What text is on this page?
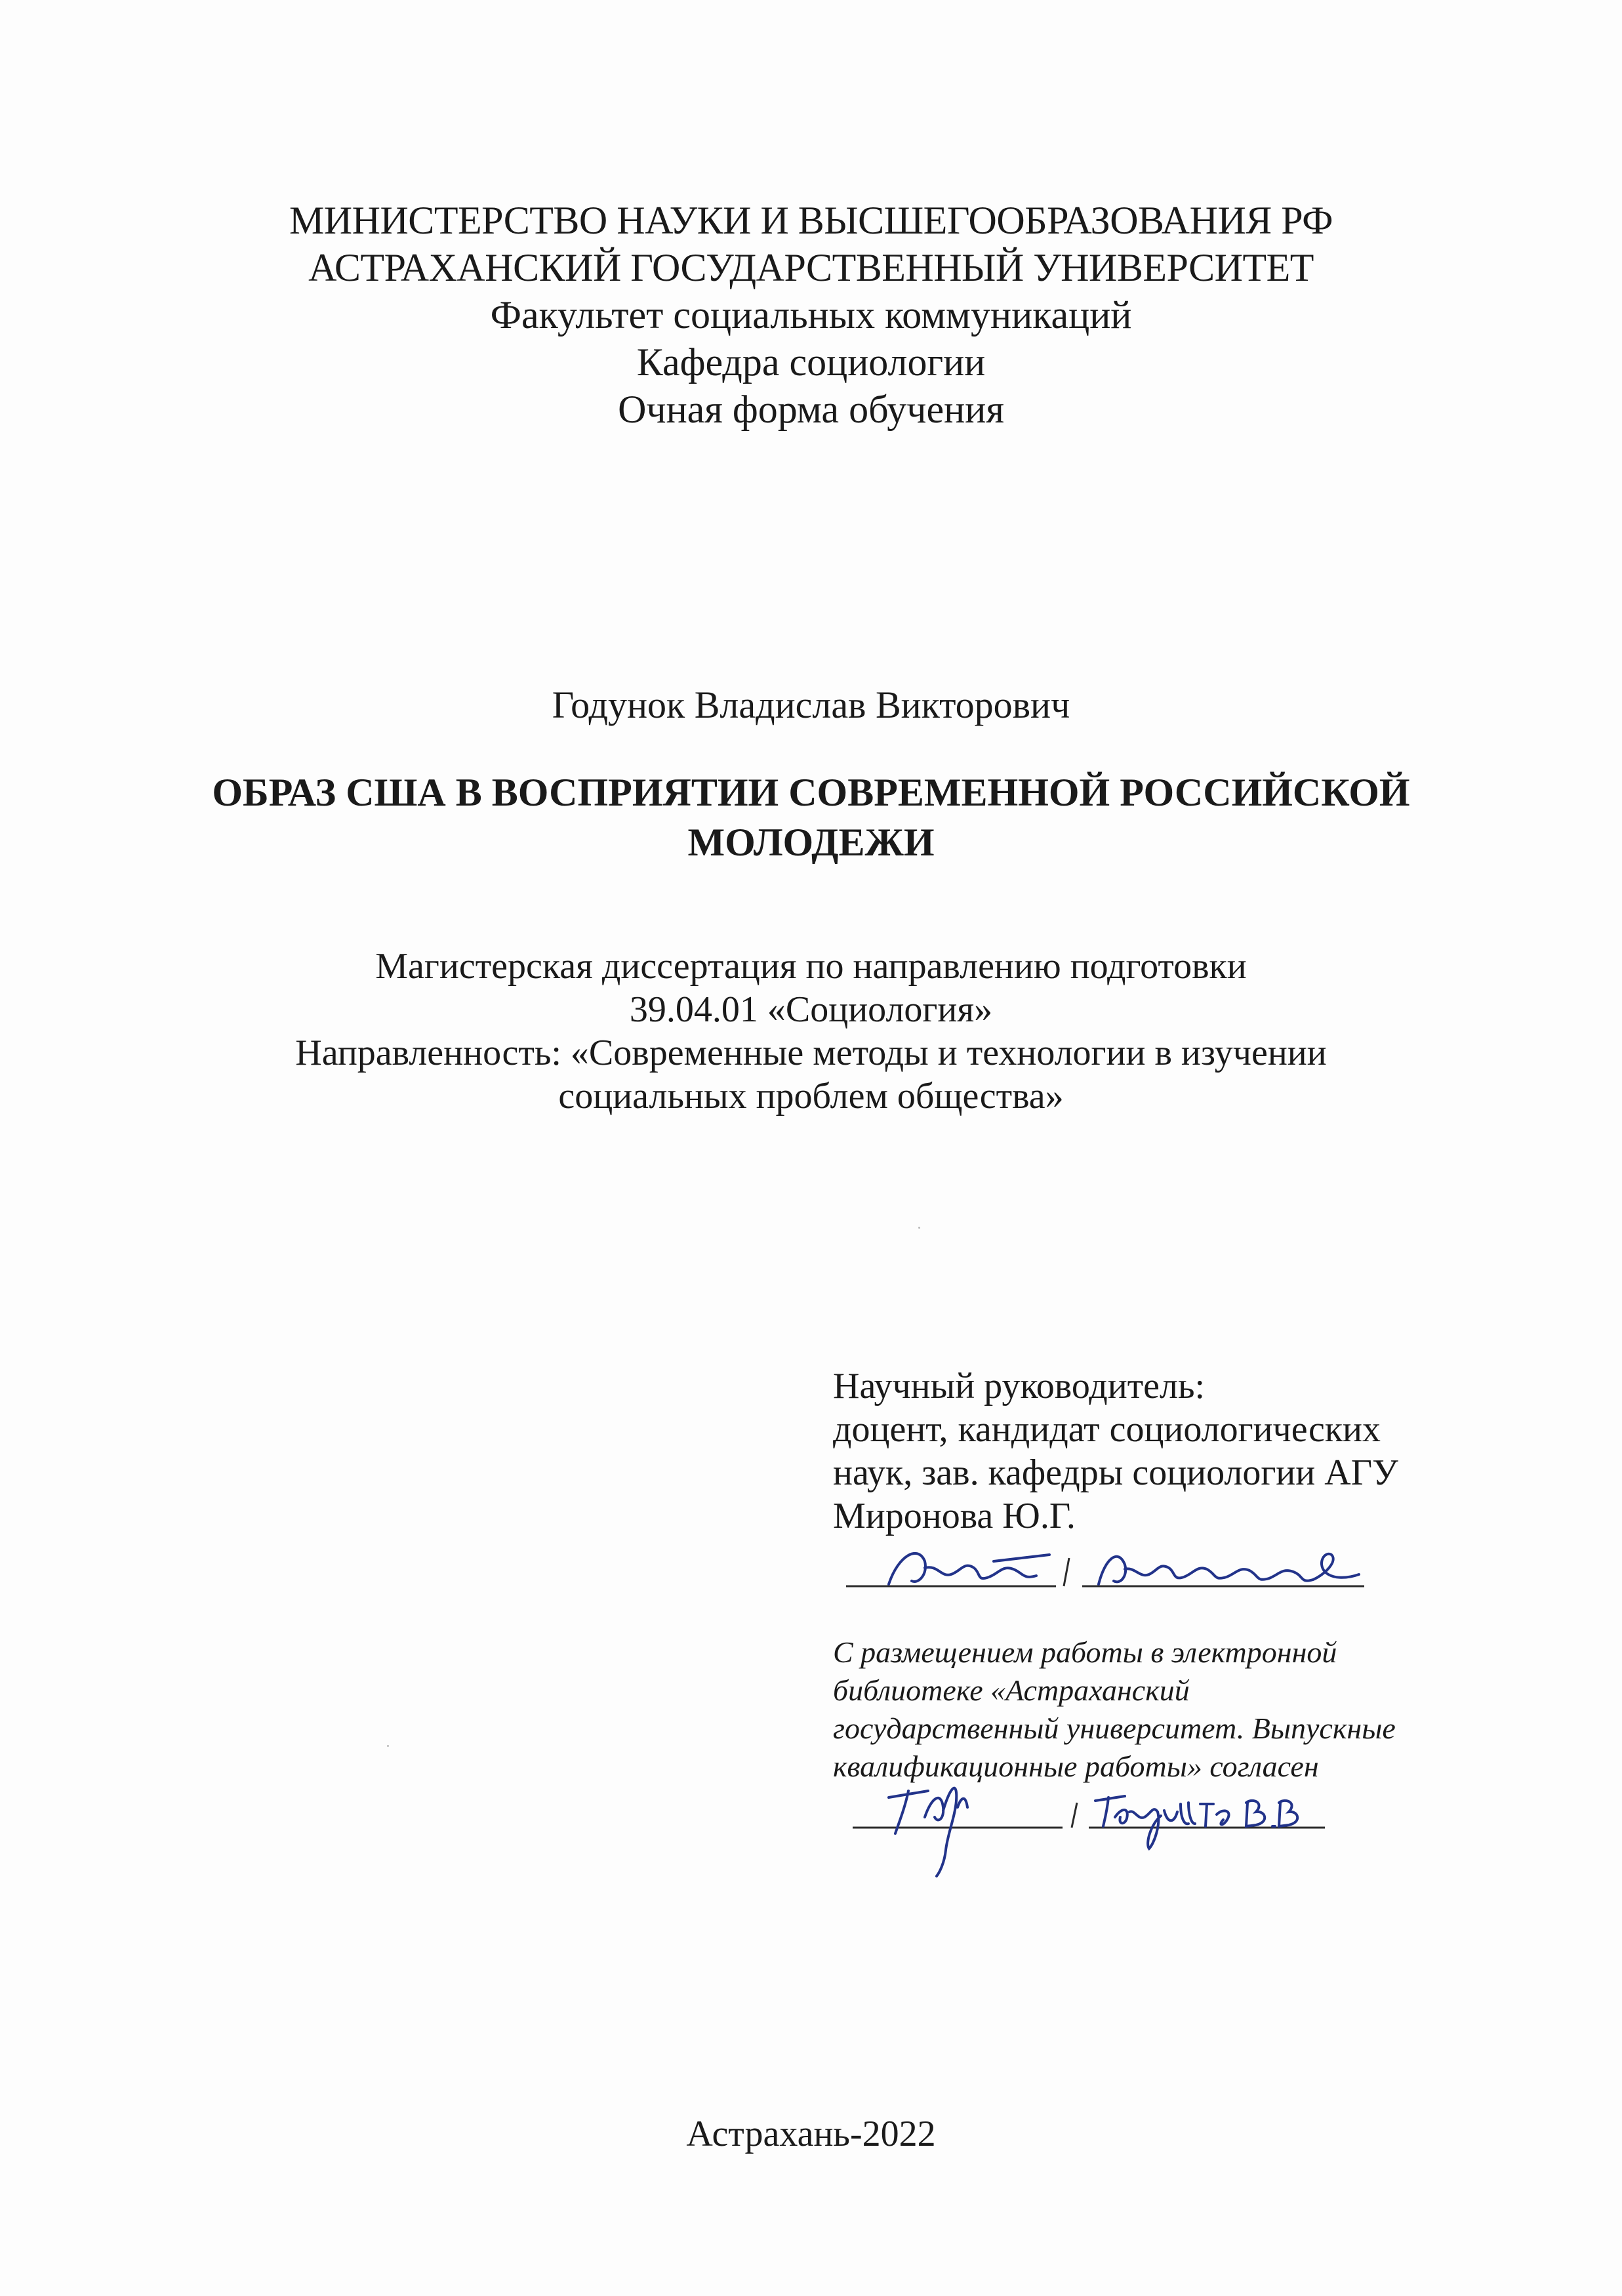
МИНИСТЕРСТВО НАУКИ И ВЫСШЕГООБРАЗОВАНИЯ РФ
АСТРАХАНСКИЙ ГОСУДАРСТВЕННЫЙ УНИВЕРСИТЕТ
Факультет социальных коммуникаций
Кафедра социологии
Очная форма обучения
Годунок Владислав Викторович
ОБРАЗ США В ВОСПРИЯТИИ СОВРЕМЕННОЙ РОССИЙСКОЙ
МОЛОДЕЖИ
Магистерская диссертация по направлению подготовки
39.04.01 «Социология»
Направленность: «Современные методы и технологии в изучении
социальных проблем общества»
Научный руководитель:
доцент, кандидат социологических
наук, зав. кафедры социологии АГУ
Миронова Ю.Г.
С размещением работы в электронной
библиотеке «Астраханский
государственный университет. Выпускные
квалификационные работы» согласен
Астрахань-2022
